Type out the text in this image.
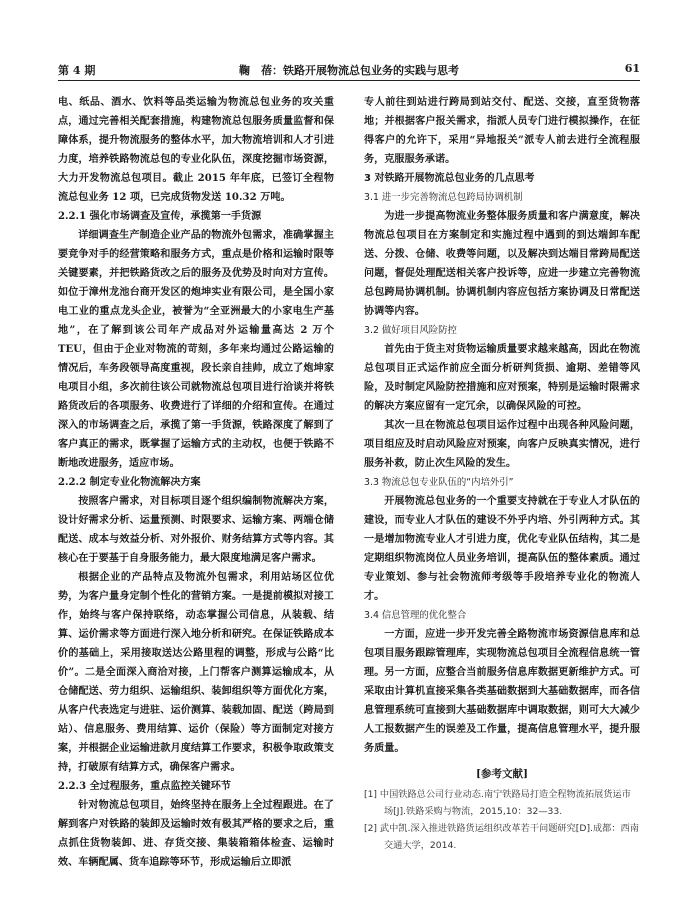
第 4 期	鞠　蓓：铁路开展物流总包业务的实践与思考	61

电、纸品、酒水、饮料等品类运输为物流总包业务的攻关重点，通过完善相关配套措施，构建物流总包服务质量监督和保障体系，提升物流服务的整体水平，加大物流培训和人才引进力度，培养铁路物流总包的专业化队伍，深度挖掘市场资源，大力开发物流总包项目。截止 2015 年年底，已签订全程物流总包业务 12 项，已完成货物发送 10.32 万吨。

2.2.1 强化市场调查及宣传，承揽第一手货源

详细调查生产制造企业产品的物流外包需求，准确掌握主要竞争对手的经营策略和服务方式，重点是价格和运输时限等关键要素，并把铁路货改之后的服务及优势及时向对方宣传。如位于漳州龙池台商开发区的炮坤实业有限公司，是全国小家电工业的重点龙头企业，被誉为“全亚洲最大的小家电生产基地”，在了解到该公司年产成品对外运输量高达 2 万个 TEU，但由于企业对物流的苛刻，多年来均通过公路运输的情况后，车务段领导高度重视，段长亲自挂帅，成立了炮坤家电项目小组，多次前往该公司就物流总包项目进行洽谈并将铁路货改后的各项服务、收费进行了详细的介绍和宣传。在通过深入的市场调查之后，承揽了第一手货源，铁路深度了解到了客户真正的需求，既掌握了运输方式的主动权，也便于铁路不断地改进服务，适应市场。

2.2.2 制定专业化物流解决方案

按照客户需求，对目标项目逐个组织编制物流解决方案，设计好需求分析、运量预测、时限要求、运输方案、两端仓储配送、成本与效益分析、对外报价、财务结算方式等内容。其核心在于要基于自身服务能力，最大限度地满足客户需求。

根据企业的产品特点及物流外包需求，利用站场区位优势，为客户量身定制个性化的营销方案。一是提前模拟对接工作，始终与客户保持联络，动态掌握公司信息，从装载、结算、运价需求等方面进行深入地分析和研究。在保证铁路成本价的基础上，采用接取送达公路里程的调整，形成与公路“比价”。二是全面深入商洽对接，上门帮客户测算运输成本，从仓储配送、劳力组织、运输组织、装卸组织等方面优化方案，从客户代表选定与进驻、运价测算、装载加固、配送（跨局到站）、信息服务、费用结算、运价（保险）等方面制定对接方案，并根据企业运输进款月度结算工作要求，积极争取政策支持，打破原有结算方式，确保客户需求。

2.2.3 全过程服务，重点监控关键环节

针对物流总包项目，始终坚持在服务上全过程跟进。在了解到客户对铁路的装卸及运输时效有极其严格的要求之后，重点抓住货物装卸、进、存货交接、集装箱箱体检查、运输时效、车辆配属、货车追踪等环节，形成运输后立即派

专人前往到站进行跨局到站交付、配送、交接，直至货物落地；并根据客户报关需求，指派人员专门进行模拟操作，在征得客户的允许下，采用“异地报关”派专人前去进行全流程服务，克服服务承诺。

3 对铁路开展物流总包业务的几点思考

3.1 进一步完善物流总包跨局协调机制

为进一步提高物流业务整体服务质量和客户满意度，解决物流总包项目在方案制定和实施过程中遇到的到达端卸车配送、分拨、仓储、收费等问题，以及解决到达端目常跨局配送问题，督促处理配送相关客户投诉等，应进一步建立完善物流总包跨局协调机制。协调机制内容应包括方案协调及日常配送协调等内容。

3.2 做好项目风险防控

首先由于货主对货物运输质量要求越来越高，因此在物流总包项目正式运作前应全面分析研判货损、逾期、差错等风险，及时制定风险防控措施和应对预案，特别是运输时限需求的解决方案应留有一定冗余，以确保风险的可控。

其次一旦在物流总包项目运作过程中出现各种风险问题，项目组应及时启动风险应对预案，向客户反映真实情况，进行服务补救，防止次生风险的发生。

3.3 物流总包专业队伍的“内培外引”

开展物流总包业务的一个重要支持就在于专业人才队伍的建设，而专业人才队伍的建设不外乎内培、外引两种方式。其一是增加物流专业人才引进力度，优化专业队伍结构，其二是定期组织物流岗位人员业务培训，提高队伍的整体素质。通过专业策划、参与社会物流师考级等手段培养专业化的物流人才。

3.4 信息管理的优化整合

一方面，应进一步开发完善全路物流市场资源信息库和总包项目服务跟踪管理库，实现物流总包项目全流程信息统一管理。另一方面，应整合当前服务信息库数据更新维护方式。可采取由计算机直接采集各类基础数据到大基础数据库，而各信息管理系统可直接到大基础数据库中调取数据，则可大大减少人工报数据产生的误差及工作量，提高信息管理水平，提升服务质量。

[参考文献]

[1] 中国铁路总公司行业动态.南宁铁路局打造全程物流拓展货运市场[J].铁路采购与物流，2015,10：32—33.

[2] 武中凯.深入推进铁路货运组织改革若干问题研究[D].成都：西南交通大学，2014.
